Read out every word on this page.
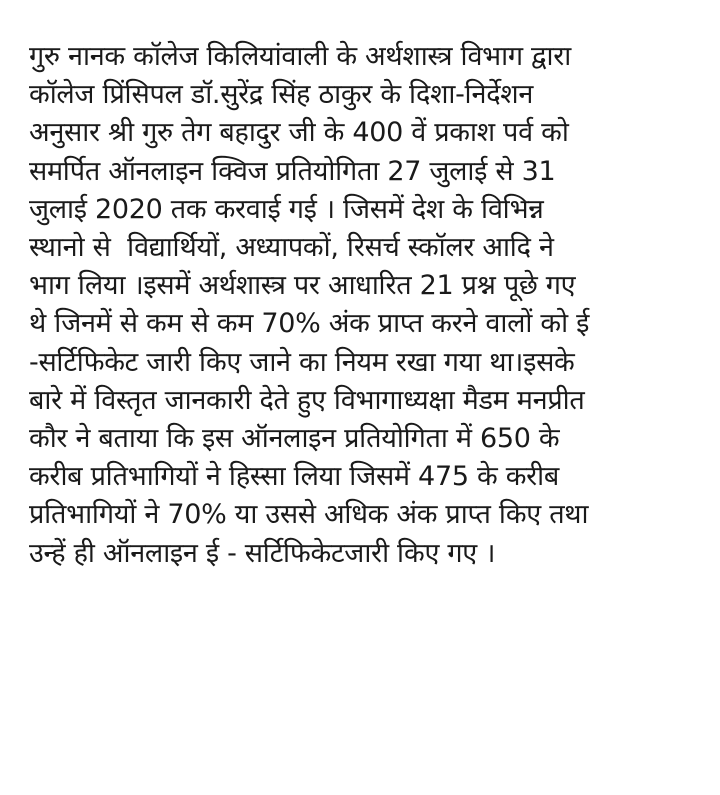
गुरु नानक कॉलेज किलियांवाली के अर्थशास्त्र विभाग द्वारा
कॉलेज प्रिंसिपल डॉ.सुरेंद्र सिंह ठाकुर के दिशा-निर्देशन
अनुसार श्री गुरु तेग बहादुर जी के 400 वें प्रकाश पर्व को
समर्पित ऑनलाइन क्विज प्रतियोगिता 27 जुलाई से 31
जुलाई 2020 तक करवाई गई । जिसमें देश के विभिन्न
स्थानो से  विद्यार्थियों, अध्यापकों, रिसर्च स्कॉलर आदि ने
भाग लिया ।इसमें अर्थशास्त्र पर आधारित 21 प्रश्न पूछे गए
थे जिनमें से कम से कम 70% अंक प्राप्त करने वालों को ई
-सर्टिफिकेट जारी किए जाने का नियम रखा गया था।इसके
बारे में विस्तृत जानकारी देते हुए विभागाध्यक्षा मैडम मनप्रीत
कौर ने बताया कि इस ऑनलाइन प्रतियोगिता में 650 के
करीब प्रतिभागियों ने हिस्सा लिया जिसमें 475 के करीब
प्रतिभागियों ने 70% या उससे अधिक अंक प्राप्त किए तथा
उन्हें ही ऑनलाइन ई - सर्टिफिकेटजारी किए गए ।
